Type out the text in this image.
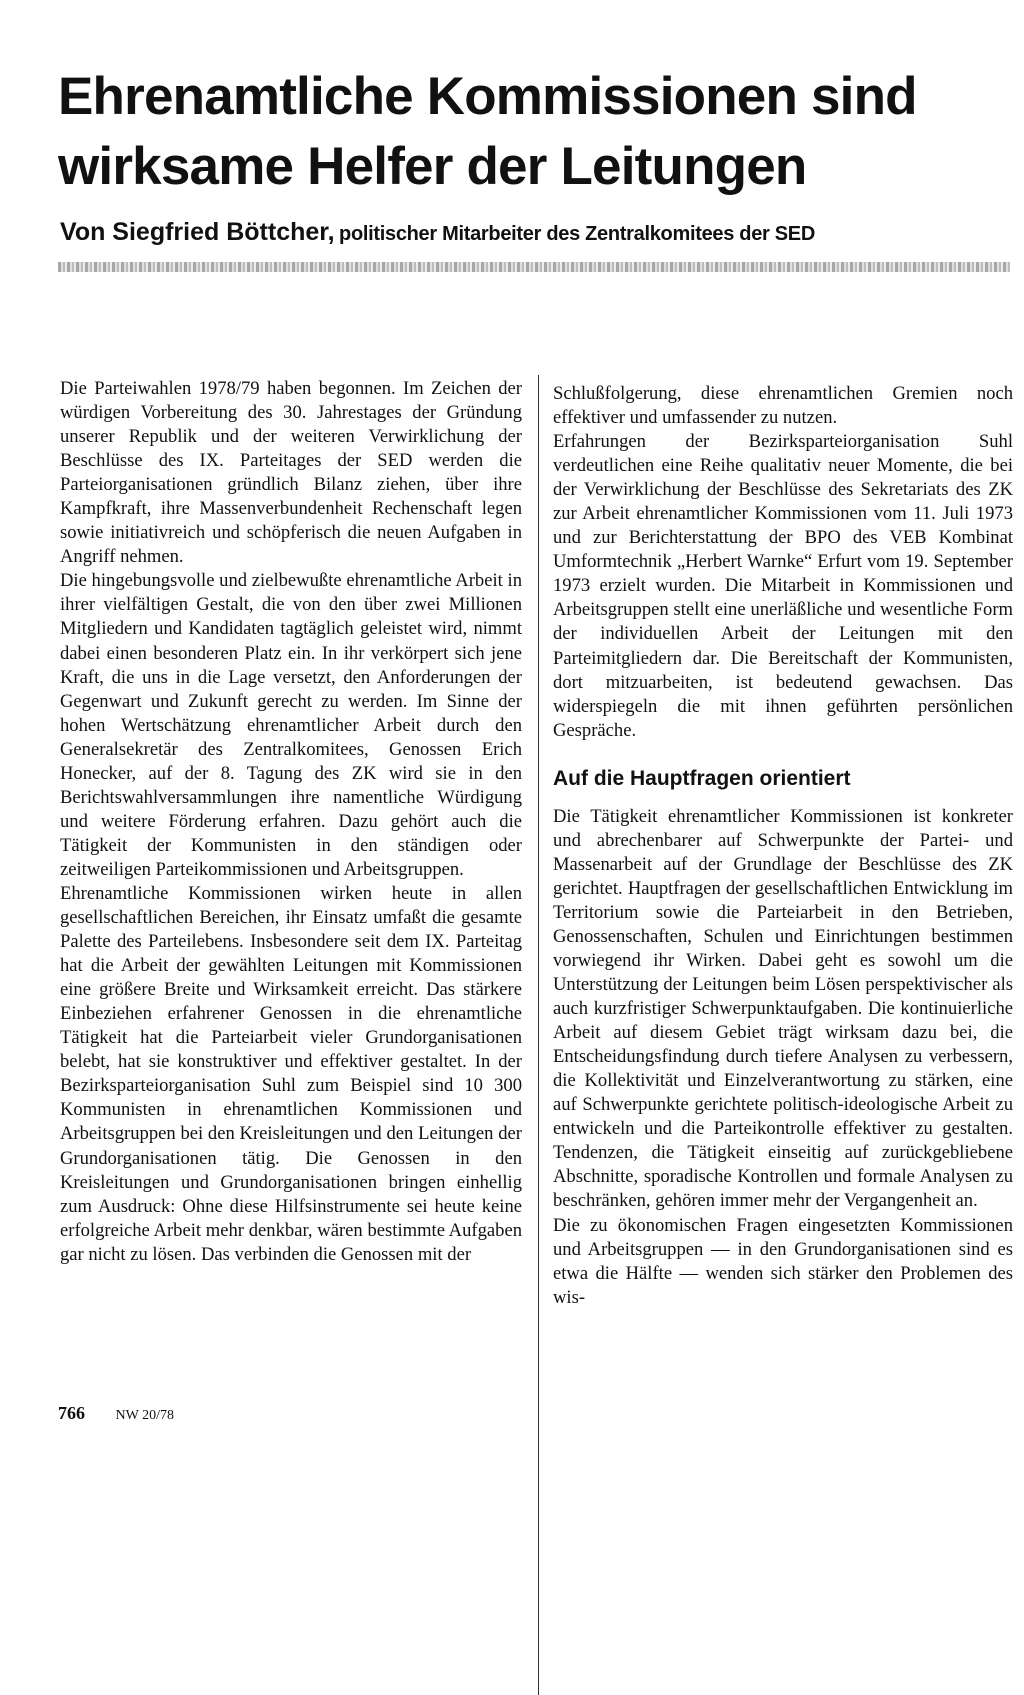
Ehrenamtliche Kommissionen sind wirksame Helfer der Leitungen
Von Siegfried Böttcher, politischer Mitarbeiter des Zentralkomitees der SED

Die Parteiwahlen 1978/79 haben begonnen. Im Zeichen der würdigen Vorbereitung des 30. Jahrestages der Gründung unserer Republik und der weiteren Verwirklichung der Beschlüsse des IX. Parteitages der SED werden die Parteiorganisationen gründlich Bilanz ziehen, über ihre Kampfkraft, ihre Massenverbundenheit Rechenschaft legen sowie initiativreich und schöpferisch die neuen Aufgaben in Angriff nehmen.

Die hingebungsvolle und zielbewußte ehrenamtliche Arbeit in ihrer vielfältigen Gestalt, die von den über zwei Millionen Mitgliedern und Kandidaten tagtäglich geleistet wird, nimmt dabei einen besonderen Platz ein. In ihr verkörpert sich jene Kraft, die uns in die Lage versetzt, den Anforderungen der Gegenwart und Zukunft gerecht zu werden. Im Sinne der hohen Wertschätzung ehrenamtlicher Arbeit durch den Generalsekretär des Zentralkomitees, Genossen Erich Honecker, auf der 8. Tagung des ZK wird sie in den Berichtswahlversammlungen ihre namentliche Würdigung und weitere Förderung erfahren. Dazu gehört auch die Tätigkeit der Kommunisten in den ständigen oder zeitweiligen Parteikommissionen und Arbeitsgruppen.

Ehrenamtliche Kommissionen wirken heute in allen gesellschaftlichen Bereichen, ihr Einsatz umfaßt die gesamte Palette des Parteilebens. Insbesondere seit dem IX. Parteitag hat die Arbeit der gewählten Leitungen mit Kommissionen eine größere Breite und Wirksamkeit erreicht. Das stärkere Einbeziehen erfahrener Genossen in die ehrenamtliche Tätigkeit hat die Parteiarbeit vieler Grundorganisationen belebt, hat sie konstruktiver und effektiver gestaltet. In der Bezirksparteiorganisation Suhl zum Beispiel sind 10 300 Kommunisten in ehrenamtlichen Kommissionen und Arbeitsgruppen bei den Kreisleitungen und den Leitungen der Grundorganisationen tätig. Die Genossen in den Kreisleitungen und Grundorganisationen bringen einhellig zum Ausdruck: Ohne diese Hilfsinstrumente sei heute keine erfolgreiche Arbeit mehr denkbar, wären bestimmte Aufgaben gar nicht zu lösen. Das verbinden die Genossen mit der

Schlußfolgerung, diese ehrenamtlichen Gremien noch effektiver und umfassender zu nutzen.

Erfahrungen der Bezirksparteiorganisation Suhl verdeutlichen eine Reihe qualitativ neuer Momente, die bei der Verwirklichung der Beschlüsse des Sekretariats des ZK zur Arbeit ehrenamtlicher Kommissionen vom 11. Juli 1973 und zur Berichterstattung der BPO des VEB Kombinat Umformtechnik „Herbert Warnke“ Erfurt vom 19. September 1973 erzielt wurden. Die Mitarbeit in Kommissionen und Arbeitsgruppen stellt eine unerläßliche und wesentliche Form der individuellen Arbeit der Leitungen mit den Parteimitgliedern dar. Die Bereitschaft der Kommunisten, dort mitzuarbeiten, ist bedeutend gewachsen. Das widerspiegeln die mit ihnen geführten persönlichen Gespräche.

Auf die Hauptfragen orientiert

Die Tätigkeit ehrenamtlicher Kommissionen ist konkreter und abrechenbarer auf Schwerpunkte der Partei- und Massenarbeit auf der Grundlage der Beschlüsse des ZK gerichtet. Hauptfragen der gesellschaftlichen Entwicklung im Territorium sowie die Parteiarbeit in den Betrieben, Genossenschaften, Schulen und Einrichtungen bestimmen vorwiegend ihr Wirken. Dabei geht es sowohl um die Unterstützung der Leitungen beim Lösen perspektivischer als auch kurzfristiger Schwerpunktaufgaben. Die kontinuierliche Arbeit auf diesem Gebiet trägt wirksam dazu bei, die Entscheidungsfindung durch tiefere Analysen zu verbessern, die Kollektivität und Einzelverantwortung zu stärken, eine auf Schwerpunkte gerichtete politisch-ideologische Arbeit zu entwickeln und die Parteikontrolle effektiver zu gestalten. Tendenzen, die Tätigkeit einseitig auf zurückgebliebene Abschnitte, sporadische Kontrollen und formale Analysen zu beschränken, gehören immer mehr der Vergangenheit an.

Die zu ökonomischen Fragen eingesetzten Kommissionen und Arbeitsgruppen — in den Grundorganisationen sind es etwa die Hälfte — wenden sich stärker den Problemen des wis-

766 NW 20/78
